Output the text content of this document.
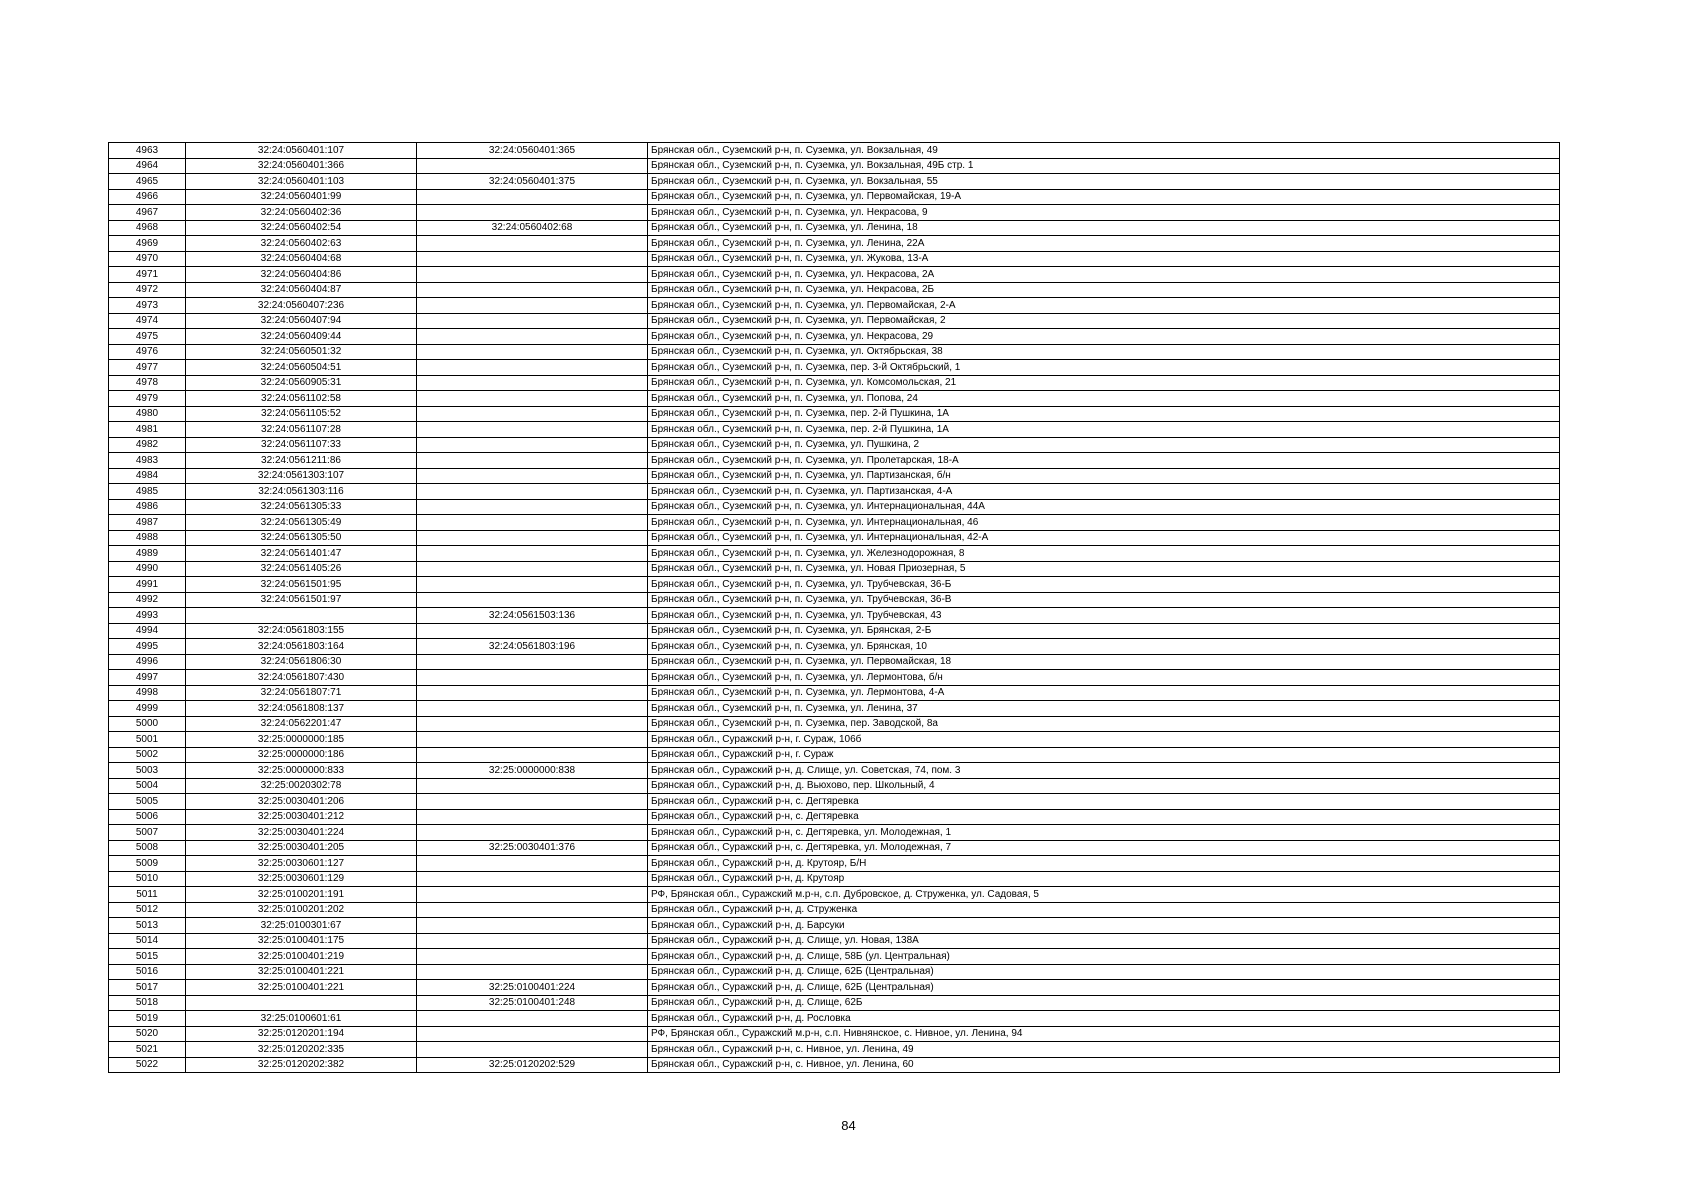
4963	32:24:0560401:107	32:24:0560401:365	Брянская обл., Суземский р-н, п. Суземка, ул. Вокзальная, 49
4964	32:24:0560401:366		Брянская обл., Суземский р-н, п. Суземка, ул. Вокзальная, 49Б стр. 1
4965	32:24:0560401:103	32:24:0560401:375	Брянская обл., Суземский р-н, п. Суземка, ул. Вокзальная, 55
4966	32:24:0560401:99		Брянская обл., Суземский р-н, п. Суземка, ул. Первомайская, 19-А
4967	32:24:0560402:36		Брянская обл., Суземский р-н, п. Суземка, ул. Некрасова, 9
4968	32:24:0560402:54	32:24:0560402:68	Брянская обл., Суземский р-н, п. Суземка, ул. Ленина, 18
4969	32:24:0560402:63		Брянская обл., Суземский р-н, п. Суземка, ул. Ленина, 22А
4970	32:24:0560404:68		Брянская обл., Суземский р-н, п. Суземка, ул. Жукова, 13-А
4971	32:24:0560404:86		Брянская обл., Суземский р-н, п. Суземка, ул. Некрасова, 2А
4972	32:24:0560404:87		Брянская обл., Суземский р-н, п. Суземка, ул. Некрасова, 2Б
4973	32:24:0560407:236		Брянская обл., Суземский р-н, п. Суземка, ул. Первомайская, 2-А
4974	32:24:0560407:94		Брянская обл., Суземский р-н, п. Суземка, ул. Первомайская, 2
4975	32:24:0560409:44		Брянская обл., Суземский р-н, п. Суземка, ул. Некрасова, 29
4976	32:24:0560501:32		Брянская обл., Суземский р-н, п. Суземка, ул. Октябрьская, 38
4977	32:24:0560504:51		Брянская обл., Суземский р-н, п. Суземка, пер. 3-й Октябрьский, 1
4978	32:24:0560905:31		Брянская обл., Суземский р-н, п. Суземка, ул. Комсомольская, 21
4979	32:24:0561102:58		Брянская обл., Суземский р-н, п. Суземка, ул. Попова, 24
4980	32:24:0561105:52		Брянская обл., Суземский р-н, п. Суземка, пер. 2-й Пушкина, 1А
4981	32:24:0561107:28		Брянская обл., Суземский р-н, п. Суземка, пер. 2-й Пушкина, 1А
4982	32:24:0561107:33		Брянская обл., Суземский р-н, п. Суземка, ул. Пушкина, 2
4983	32:24:0561211:86		Брянская обл., Суземский р-н, п. Суземка, ул. Пролетарская, 18-А
4984	32:24:0561303:107		Брянская обл., Суземский р-н, п. Суземка, ул. Партизанская, б/н
4985	32:24:0561303:116		Брянская обл., Суземский р-н, п. Суземка, ул. Партизанская, 4-А
4986	32:24:0561305:33		Брянская обл., Суземский р-н, п. Суземка, ул. Интернациональная, 44А
4987	32:24:0561305:49		Брянская обл., Суземский р-н, п. Суземка, ул. Интернациональная, 46
4988	32:24:0561305:50		Брянская обл., Суземский р-н, п. Суземка, ул. Интернациональная, 42-А
4989	32:24:0561401:47		Брянская обл., Суземский р-н, п. Суземка, ул. Железнодорожная, 8
4990	32:24:0561405:26		Брянская обл., Суземский р-н, п. Суземка, ул. Новая Приозерная, 5
4991	32:24:0561501:95		Брянская обл., Суземский р-н, п. Суземка, ул. Трубчевская, 36-Б
4992	32:24:0561501:97		Брянская обл., Суземский р-н, п. Суземка, ул. Трубчевская, 36-В
4993		32:24:0561503:136	Брянская обл., Суземский р-н, п. Суземка, ул. Трубчевская, 43
4994	32:24:0561803:155		Брянская обл., Суземский р-н, п. Суземка, ул. Брянская, 2-Б
4995	32:24:0561803:164	32:24:0561803:196	Брянская обл., Суземский р-н, п. Суземка, ул. Брянская, 10
4996	32:24:0561806:30		Брянская обл., Суземский р-н, п. Суземка, ул. Первомайская, 18
4997	32:24:0561807:430		Брянская обл., Суземский р-н, п. Суземка, ул. Лермонтова, б/н
4998	32:24:0561807:71		Брянская обл., Суземский р-н, п. Суземка, ул. Лермонтова, 4-А
4999	32:24:0561808:137		Брянская обл., Суземский р-н, п. Суземка, ул. Ленина, 37
5000	32:24:0562201:47		Брянская обл., Суземский р-н, п. Суземка, пер. Заводской, 8а
5001	32:25:0000000:185		Брянская обл., Суражский р-н, г. Сураж, 106б
5002	32:25:0000000:186		Брянская обл., Суражский р-н, г. Сураж
5003	32:25:0000000:833	32:25:0000000:838	Брянская обл., Суражский р-н, д. Слище, ул. Советская, 74, пом. 3
5004	32:25:0020302:78		Брянская обл., Суражский р-н, д. Вьюхово, пер. Школьный, 4
5005	32:25:0030401:206		Брянская обл., Суражский р-н, с. Дегтяревка
5006	32:25:0030401:212		Брянская обл., Суражский р-н, с. Дегтяревка
5007	32:25:0030401:224		Брянская обл., Суражский р-н, с. Дегтяревка, ул. Молодежная, 1
5008	32:25:0030401:205	32:25:0030401:376	Брянская обл., Суражский р-н, с. Дегтяревка, ул. Молодежная, 7
5009	32:25:0030601:127		Брянская обл., Суражский р-н, д. Крутояр, Б/Н
5010	32:25:0030601:129		Брянская обл., Суражский р-н, д. Крутояр
5011	32:25:0100201:191		РФ, Брянская обл., Суражский м.р-н, с.п. Дубровское, д. Струженка, ул. Садовая, 5
5012	32:25:0100201:202		Брянская обл., Суражский р-н, д. Струженка
5013	32:25:0100301:67		Брянская обл., Суражский р-н, д. Барсуки
5014	32:25:0100401:175		Брянская обл., Суражский р-н, д. Слище, ул. Новая, 138А
5015	32:25:0100401:219		Брянская обл., Суражский р-н, д. Слище, 58Б (ул. Центральная)
5016	32:25:0100401:221		Брянская обл., Суражский р-н, д. Слище, 62Б (Центральная)
5017	32:25:0100401:221	32:25:0100401:224	Брянская обл., Суражский р-н, д. Слище, 62Б (Центральная)
5018		32:25:0100401:248	Брянская обл., Суражский р-н, д. Слище, 62Б
5019	32:25:0100601:61		Брянская обл., Суражский р-н, д. Рословка
5020	32:25:0120201:194		РФ, Брянская обл., Суражский м.р-н, с.п. Нивнянское, с. Нивное, ул. Ленина, 94
5021	32:25:0120202:335		Брянская обл., Суражский р-н, с. Нивное, ул. Ленина, 49
5022	32:25:0120202:382	32:25:0120202:529	Брянская обл., Суражский р-н, с. Нивное, ул. Ленина, 60
84
